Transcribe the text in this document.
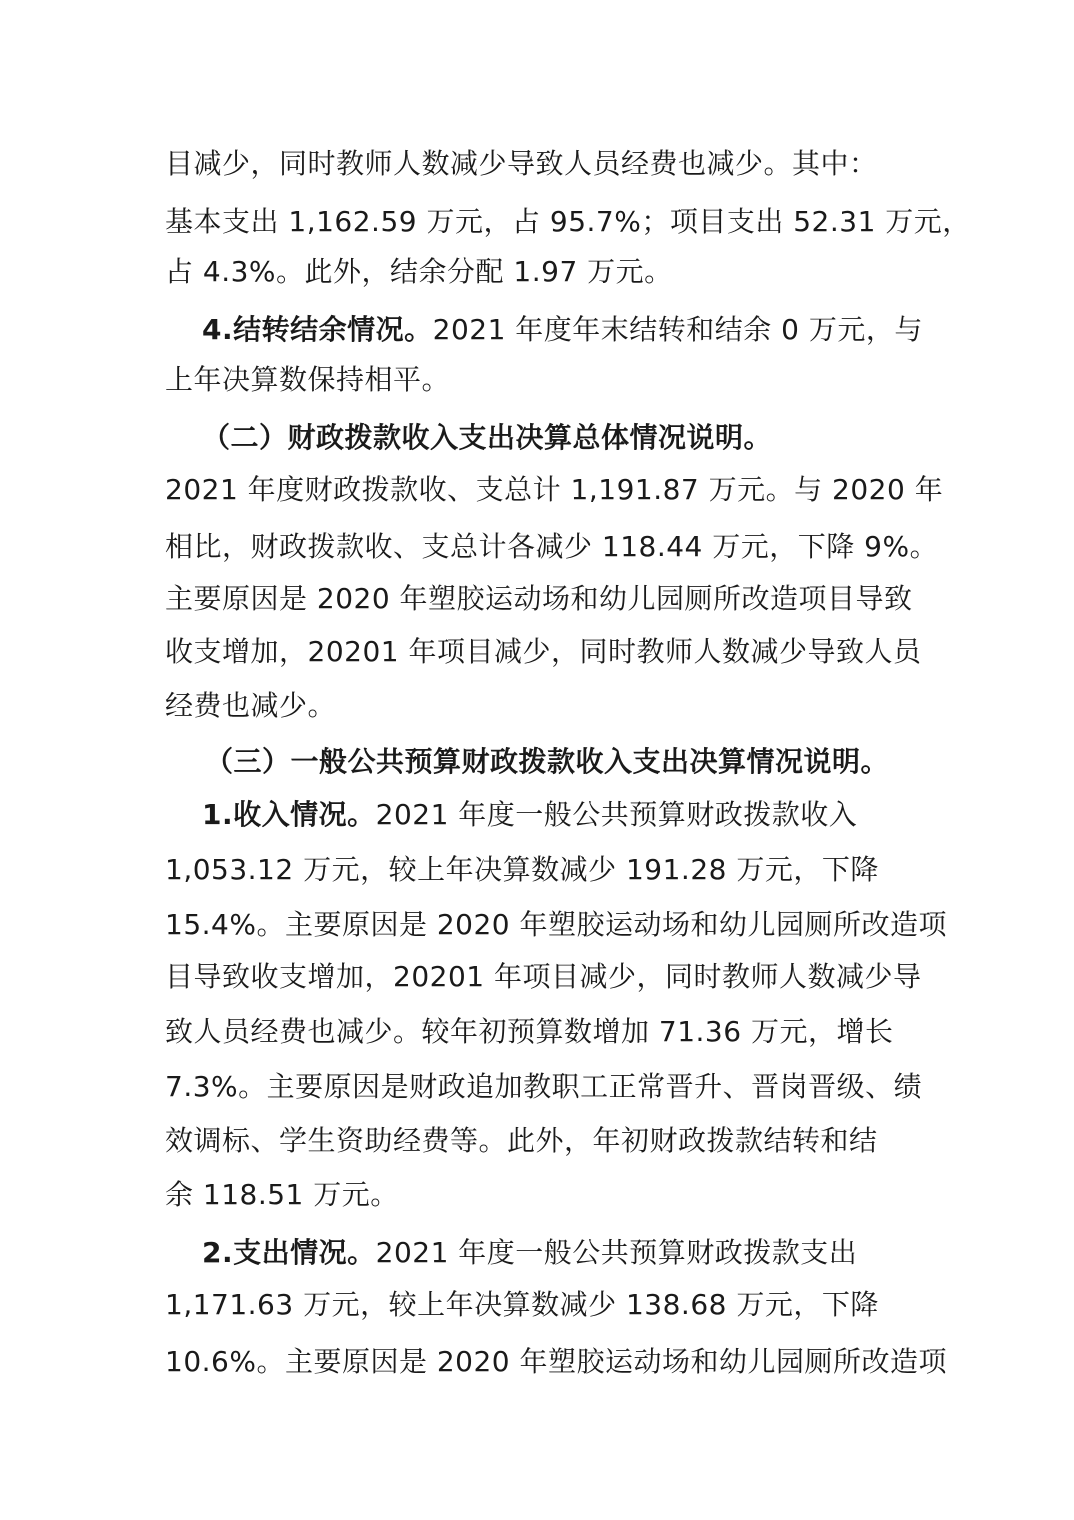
目减少，同时教师人数减少导致人员经费也减少。其中：
基本支出 1,162.59 万元，占 95.7%；项目支出 52.31 万元，
占 4.3%。此外，结余分配 1.97 万元。
4.结转结余情况。2021 年度年末结转和结余 0 万元，与
上年决算数保持相平。
（二）财政拨款收入支出决算总体情况说明。
2021 年度财政拨款收、支总计 1,191.87 万元。与 2020 年
相比，财政拨款收、支总计各减少 118.44 万元，下降 9%。
主要原因是 2020 年塑胶运动场和幼儿园厕所改造项目导致
收支增加，20201 年项目减少，同时教师人数减少导致人员
经费也减少。
（三）一般公共预算财政拨款收入支出决算情况说明。
1.收入情况。2021 年度一般公共预算财政拨款收入
1,053.12 万元，较上年决算数减少 191.28 万元，下降
15.4%。主要原因是 2020 年塑胶运动场和幼儿园厕所改造项
目导致收支增加，20201 年项目减少，同时教师人数减少导
致人员经费也减少。较年初预算数增加 71.36 万元，增长
7.3%。主要原因是财政追加教职工正常晋升、晋岗晋级、绩
效调标、学生资助经费等。此外，年初财政拨款结转和结
余 118.51 万元。
2.支出情况。2021 年度一般公共预算财政拨款支出
1,171.63 万元，较上年决算数减少 138.68 万元，下降
10.6%。主要原因是 2020 年塑胶运动场和幼儿园厕所改造项
